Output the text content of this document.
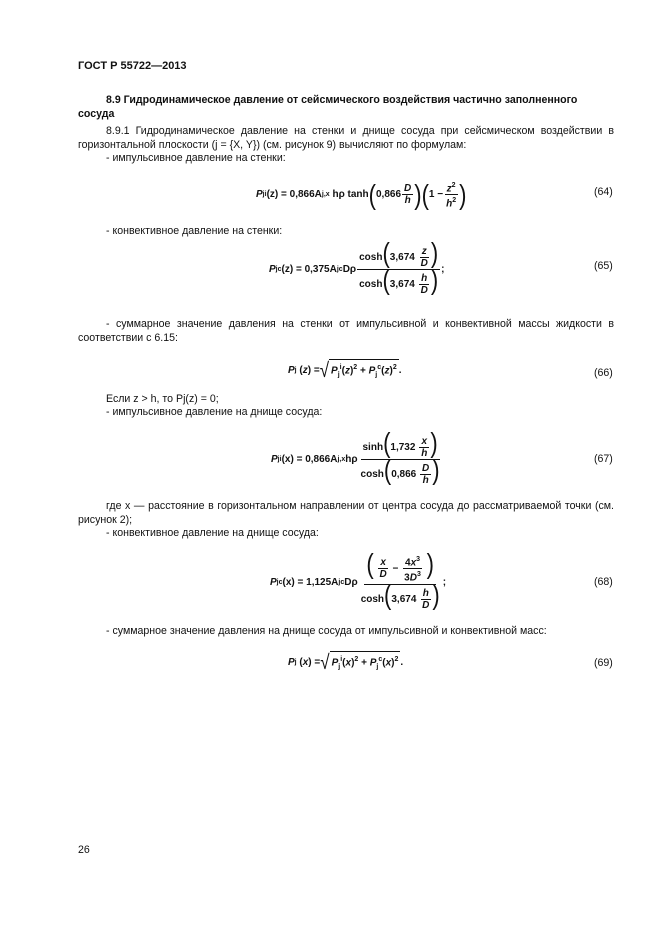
ГОСТ Р 55722—2013
8.9 Гидродинамическое давление от сейсмического воздействия частично заполненного сосуда
8.9.1 Гидродинамическое давление на стенки и днище сосуда при сейсмическом воздействии в горизонтальной плоскости (j = {X, Y}) (см. рисунок 9) вычисляют по формулам:
- импульсивное давление на стенки:
P j i (z) = 0,866A j,x
hρ tanh ( $0,866 \frac{D}{h}$ ) ( $1 - \frac{z^2}{h^2}$ )	(64)
- конвективное давление на стенки:
P j c (z) = 0,375A j c Dρ $\frac{\cosh(3,674 \frac{z}{D} )}{\cosh(3,674 \frac{h}{D} )}$ ;	(65)
- суммарное значение давления на стенки от импульсивной и конвективной массы жидкости в соответствии с 6.15:
P j ( z ) = √ $P_j^i(z)^2 + P_j^c(z)^2$ .	(66)
Если z > h, то Pj(z) = 0;
- импульсивное давление на днище сосуда:
P j i (x) = 0,866A j,x hρ $\frac{\sinh(1,732 \frac{x}{h} )}{\cosh(0,866 \frac{D}{h} )}$	(67)
где x — расстояние в горизонтальном направлении от центра сосуда до рассматриваемой точки (см. рисунок 2);
- конвективное давление на днище сосуда:
P j c (x) = 1,125A j c Dρ $\frac{( \frac{x}{D} - \frac{4x^3}{3D^3} )}{\cosh(3,674 \frac{h}{D} )}$ ;	(68)
- суммарное значение давления на днище сосуда от импульсивной и конвективной масс:
P j ( x ) = √ $P_j^i(x)^2 + P_j^c(x)^2$ .	(69)
26
